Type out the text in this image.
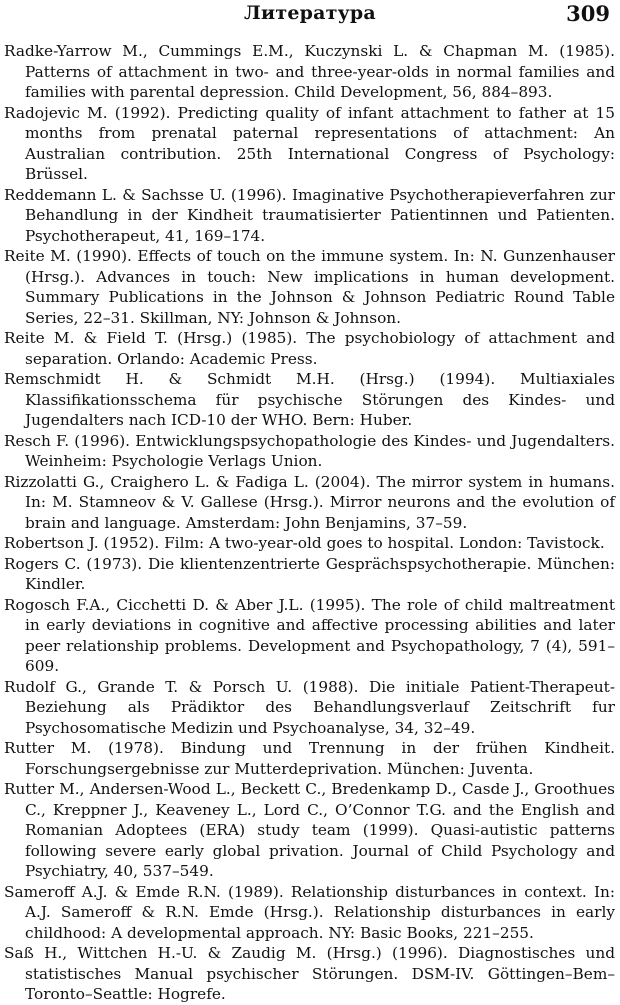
Литература	309
Radke-Yarrow M., Cummings E.M., Kuczynski L. & Chapman M. (1985). Patterns of attachment in two- and three-year-olds in normal families and families with parental depression. Child Development, 56, 884–893.
Radojevic M. (1992). Predicting quality of infant attachment to father at 15 months from prenatal paternal representations of attachment: An Australian contribution. 25th International Congress of Psychology: Brüssel.
Reddemann L. & Sachsse U. (1996). Imaginative Psychotherapieverfahren zur Behandlung in der Kindheit traumatisierter Patientinnen und Patienten. Psychotherapeut, 41, 169–174.
Reite M. (1990). Effects of touch on the immune system. In: N. Gunzenhauser (Hrsg.). Advances in touch: New implications in human development. Summary Publications in the Johnson & Johnson Pediatric Round Table Series, 22–31. Skillman, NY: Johnson & Johnson.
Reite M. & Field T. (Hrsg.) (1985). The psychobiology of attachment and separation. Orlando: Academic Press.
Remschmidt H. & Schmidt M.H. (Hrsg.) (1994). Multiaxiales Klassifikationsschema für psychische Störungen des Kindes- und Jugendalters nach ICD-10 der WHO. Bern: Huber.
Resch F. (1996). Entwicklungspsychopathologie des Kindes- und Jugendalters. Weinheim: Psychologie Verlags Union.
Rizzolatti G., Craighero L. & Fadiga L. (2004). The mirror system in humans. In: M. Stamneov & V. Gallese (Hrsg.). Mirror neurons and the evolution of brain and language. Amsterdam: John Benjamins, 37–59.
Robertson J. (1952). Film: A two-year-old goes to hospital. London: Tavistock.
Rogers C. (1973). Die klientenzentrierte Gesprächspsychotherapie. München: Kindler.
Rogosch F.A., Cicchetti D. & Aber J.L. (1995). The role of child maltreatment in early deviations in cognitive and affective processing abilities and later peer relationship problems. Development and Psychopathology, 7 (4), 591–609.
Rudolf G., Grande T. & Porsch U. (1988). Die initiale Patient-Therapeut-Beziehung als Prädiktor des Behandlungsverlauf Zeitschrift fur Psychosomatische Medizin und Psychoanalyse, 34, 32–49.
Rutter M. (1978). Bindung und Trennung in der frühen Kindheit. Forschungsergebnisse zur Mutterdeprivation. München: Juventa.
Rutter M., Andersen-Wood L., Beckett C., Bredenkamp D., Casde J., Groothues C., Kreppner J., Keaveney L., Lord C., O’Connor T.G. and the English and Romanian Adoptees (ERA) study team (1999). Quasi-autistic patterns following severe early global privation. Journal of Child Psychology and Psychiatry, 40, 537–549.
Sameroff A.J. & Emde R.N. (1989). Relationship disturbances in context. In: A.J. Sameroff & R.N. Emde (Hrsg.). Relationship disturbances in early childhood: A developmental approach. NY: Basic Books, 221–255.
Saß H., Wittchen H.-U. & Zaudig M. (Hrsg.) (1996). Diagnostisches und statistisches Manual psychischer Störungen. DSM-IV. Göttingen–Bem–Toronto–Seattle: Hogrefe.
